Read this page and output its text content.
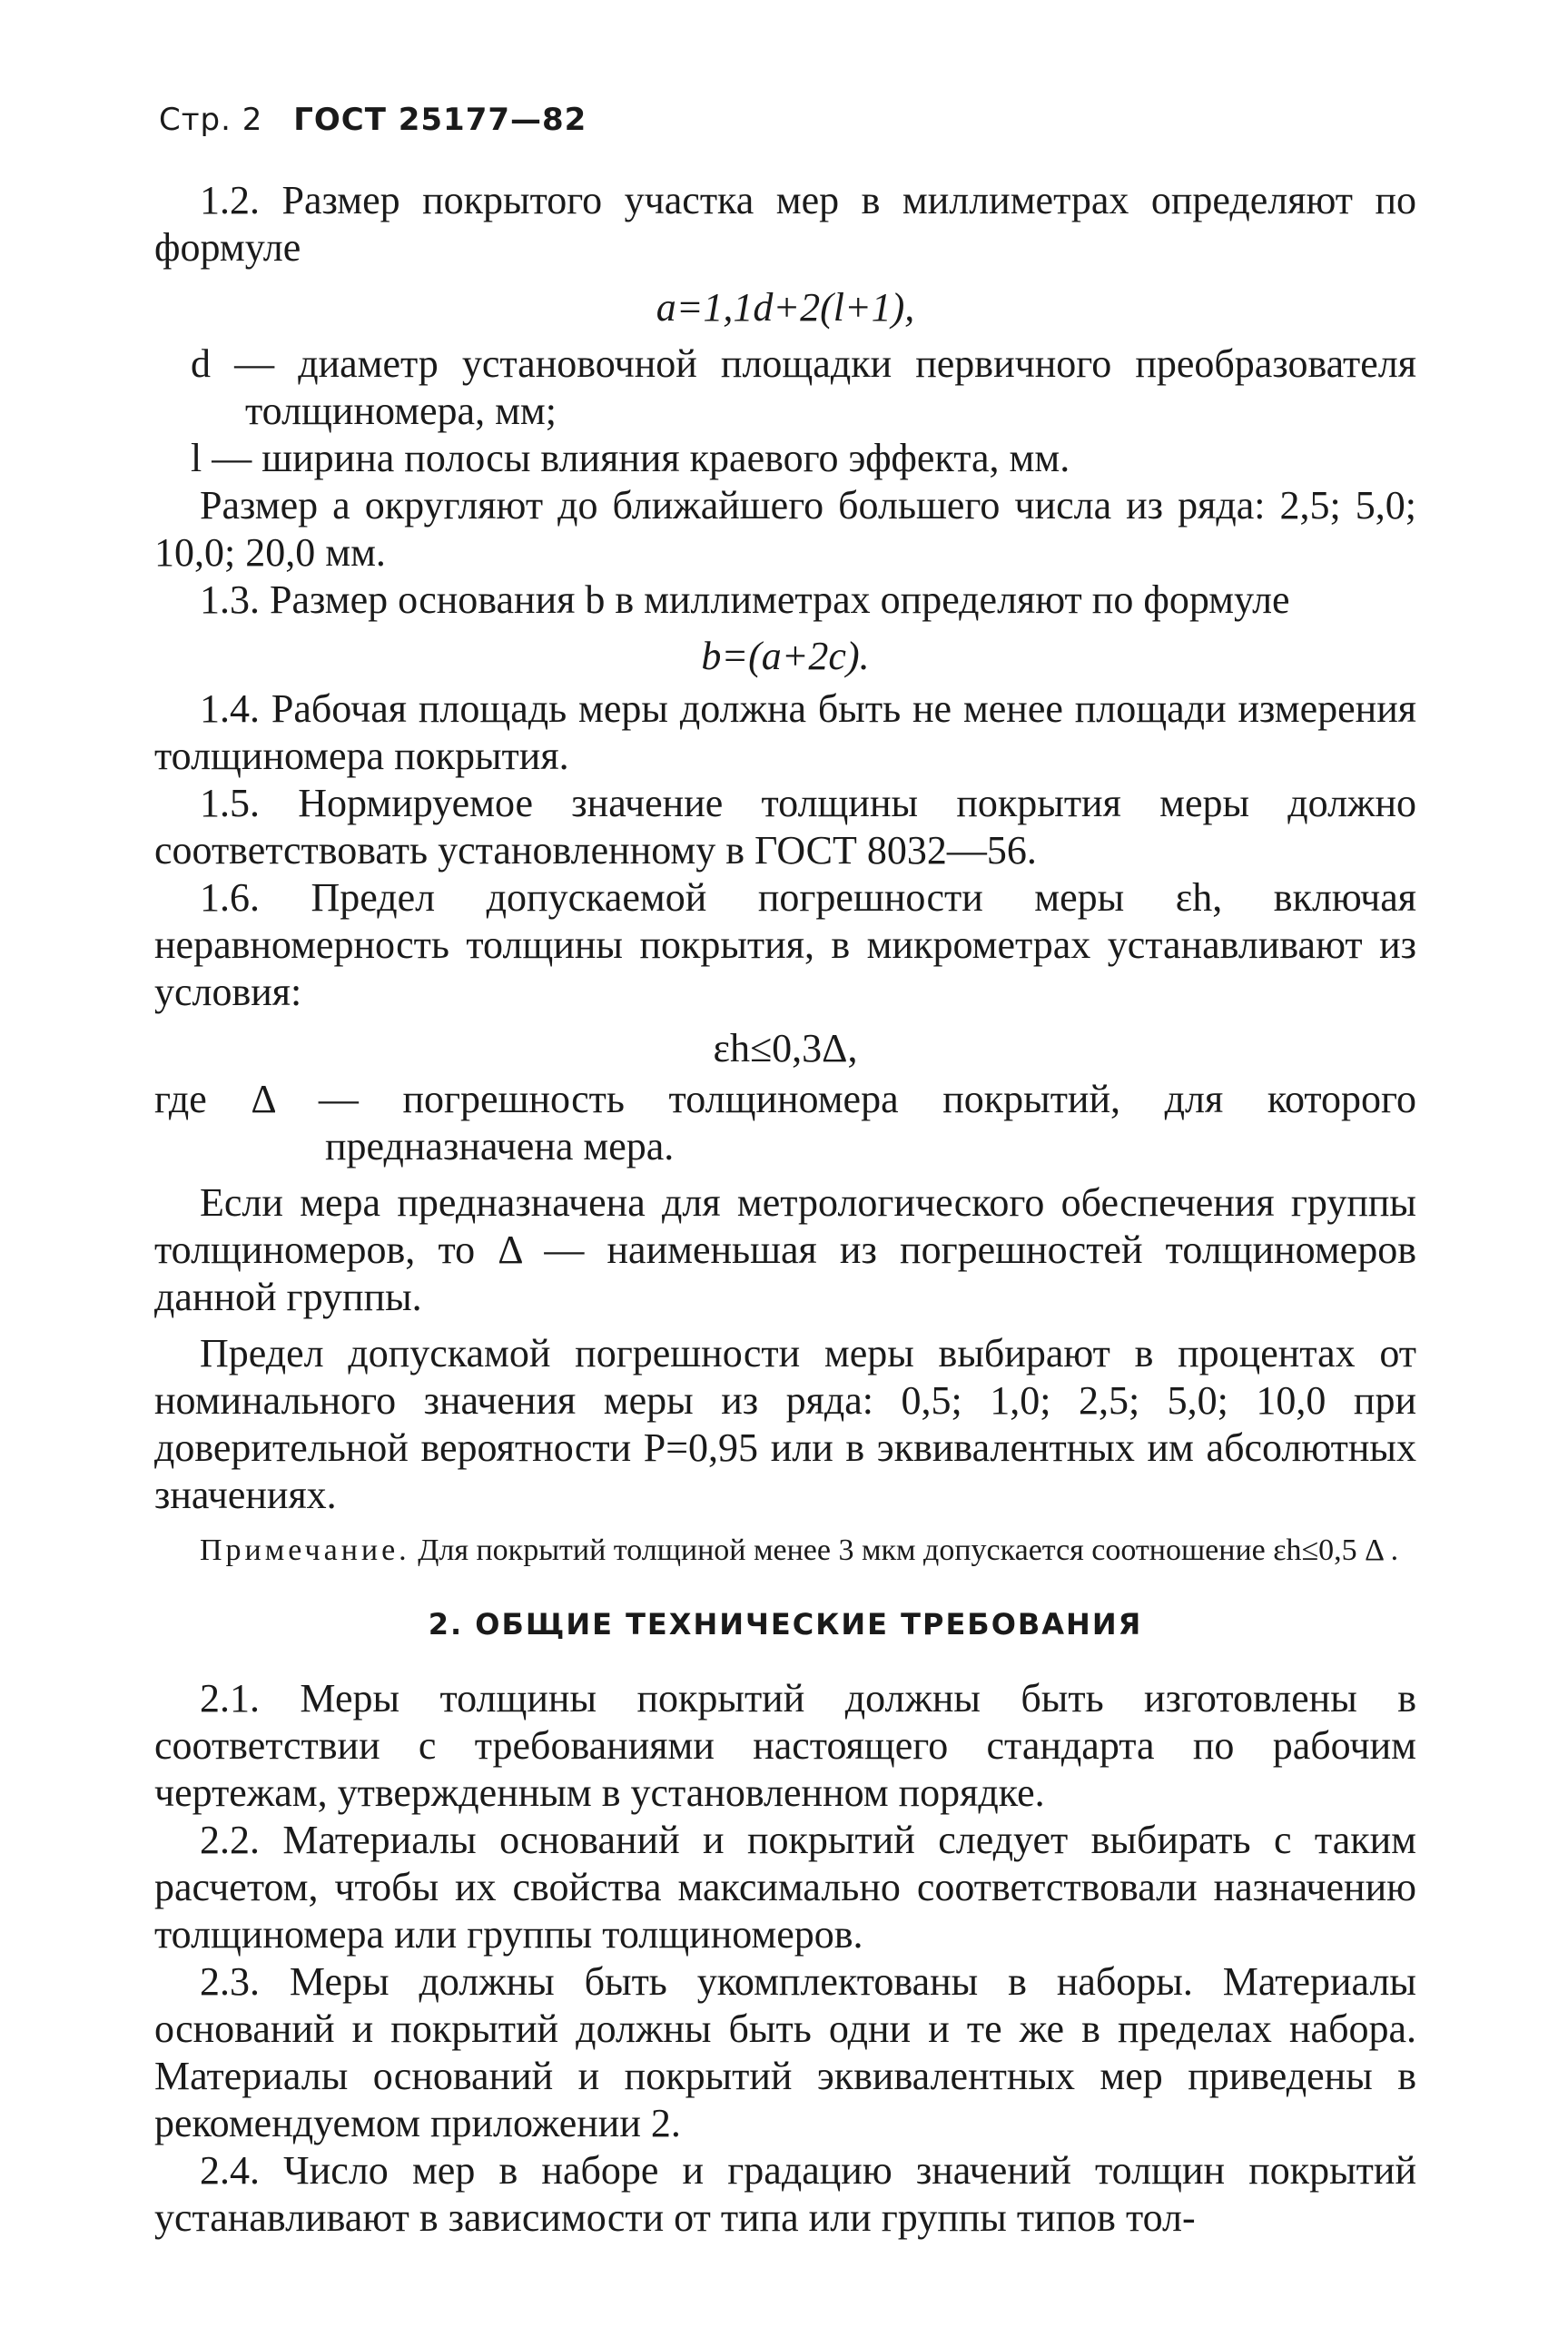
Стр. 2 ГОСТ 25177—82

1.2. Размер покрытого участка мер в миллиметрах определяют по формуле

a=1,1d+2(l+1),

d — диаметр установочной площадки первичного преобразователя толщиномера, мм;

l — ширина полосы влияния краевого эффекта, мм.

Размер a округляют до ближайшего большего числа из ряда: 2,5; 5,0; 10,0; 20,0 мм.

1.3. Размер основания b в миллиметрах определяют по формуле

b=(a+2c).

1.4. Рабочая площадь меры должна быть не менее площади измерения толщиномера покрытия.

1.5. Нормируемое значение толщины покрытия меры должно соответствовать установленному в ГОСТ 8032—56.

1.6. Предел допускаемой погрешности меры εh, включая неравномерность толщины покрытия, в микрометрах устанавливают из условия:

εh≤0,3Δ,

где Δ — погрешность толщиномера покрытий, для которого предназначена мера.

Если мера предназначена для метрологического обеспечения группы толщиномеров, то Δ — наименьшая из погрешностей толщиномеров данной группы.

Предел допускамой погрешности меры выбирают в процентах от номинального значения меры из ряда: 0,5; 1,0; 2,5; 5,0; 10,0 при доверительной вероятности P=0,95 или в эквивалентных им абсолютных значениях.

Примечание. Для покрытий толщиной менее 3 мкм допускается соотношение εh≤0,5 Δ .

2. ОБЩИЕ ТЕХНИЧЕСКИЕ ТРЕБОВАНИЯ

2.1. Меры толщины покрытий должны быть изготовлены в соответствии с требованиями настоящего стандарта по рабочим чертежам, утвержденным в установленном порядке.

2.2. Материалы оснований и покрытий следует выбирать с таким расчетом, чтобы их свойства максимально соответствовали назначению толщиномера или группы толщиномеров.

2.3. Меры должны быть укомплектованы в наборы. Материалы оснований и покрытий должны быть одни и те же в пределах набора. Материалы оснований и покрытий эквивалентных мер приведены в рекомендуемом приложении 2.

2.4. Число мер в наборе и градацию значений толщин покрытий устанавливают в зависимости от типа или группы типов тол-
